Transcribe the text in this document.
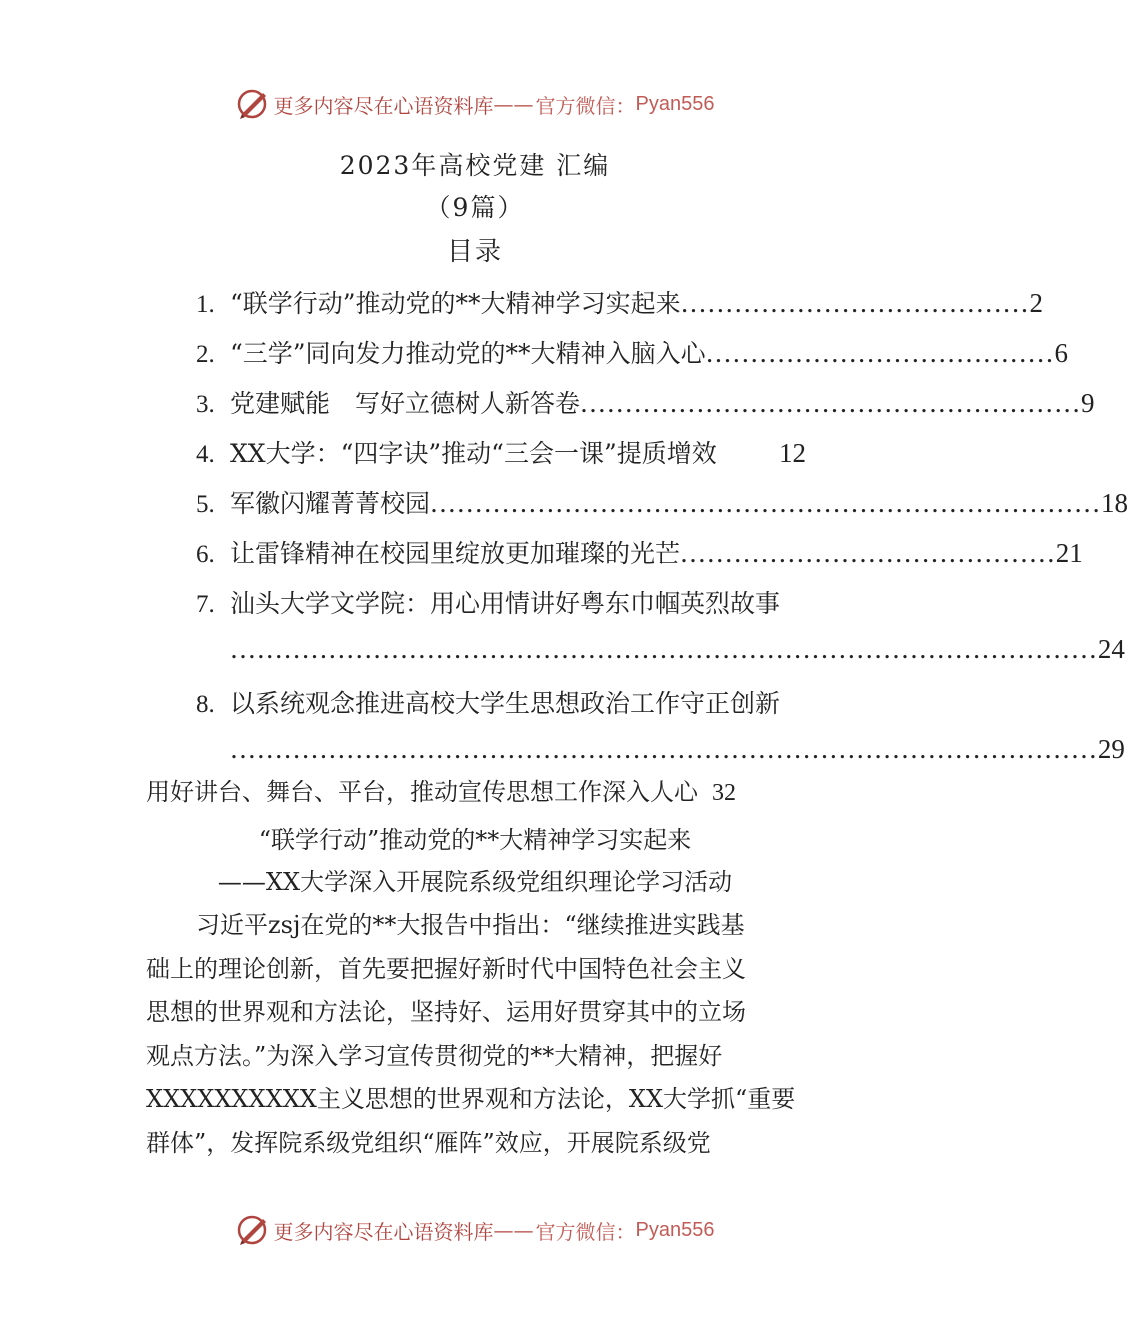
更多内容尽在心语资料库 —— 官方微信： Pyan556
2023年高校党建 汇编
（9篇）
目录
1. “联学行动”推动党的**大精神学习实起来 ....................................... 2
2. “三学”同向发力推动党的**大精神入脑入心 ....................................... 6
3. 党建赋能　写好立德树人新答卷 ........................................................ 9
4. XX大学：“四字诀”推动“三会一课”提质增效 12
5. 军徽闪耀菁菁校园 ........................................................................... 18
6. 让雷锋精神在校园里绽放更加璀璨的光芒 .......................................... 21
7. 汕头大学文学院：用心用情讲好粤东巾帼英烈故事
................................................................................................. 24
8. 以系统观念推进高校大学生思想政治工作守正创新
................................................................................................. 29
用好讲台、舞台、平台，推动宣传思想工作深入人心 32
“联学行动”推动党的**大精神学习实起来
——XX大学深入开展院系级党组织理论学习活动
习近平zsj在党的**大报告中指出：“继续推进实践基
础上的理论创新，首先要把握好新时代中国特色社会主义
思想的世界观和方法论，坚持好、运用好贯穿其中的立场
观点方法。”为深入学习宣传贯彻党的**大精神，把握好
XXXXXXXXXX主义思想的世界观和方法论，XX大学抓“重要
群体”，发挥院系级党组织“雁阵”效应，开展院系级党
更多内容尽在心语资料库 —— 官方微信： Pyan556
